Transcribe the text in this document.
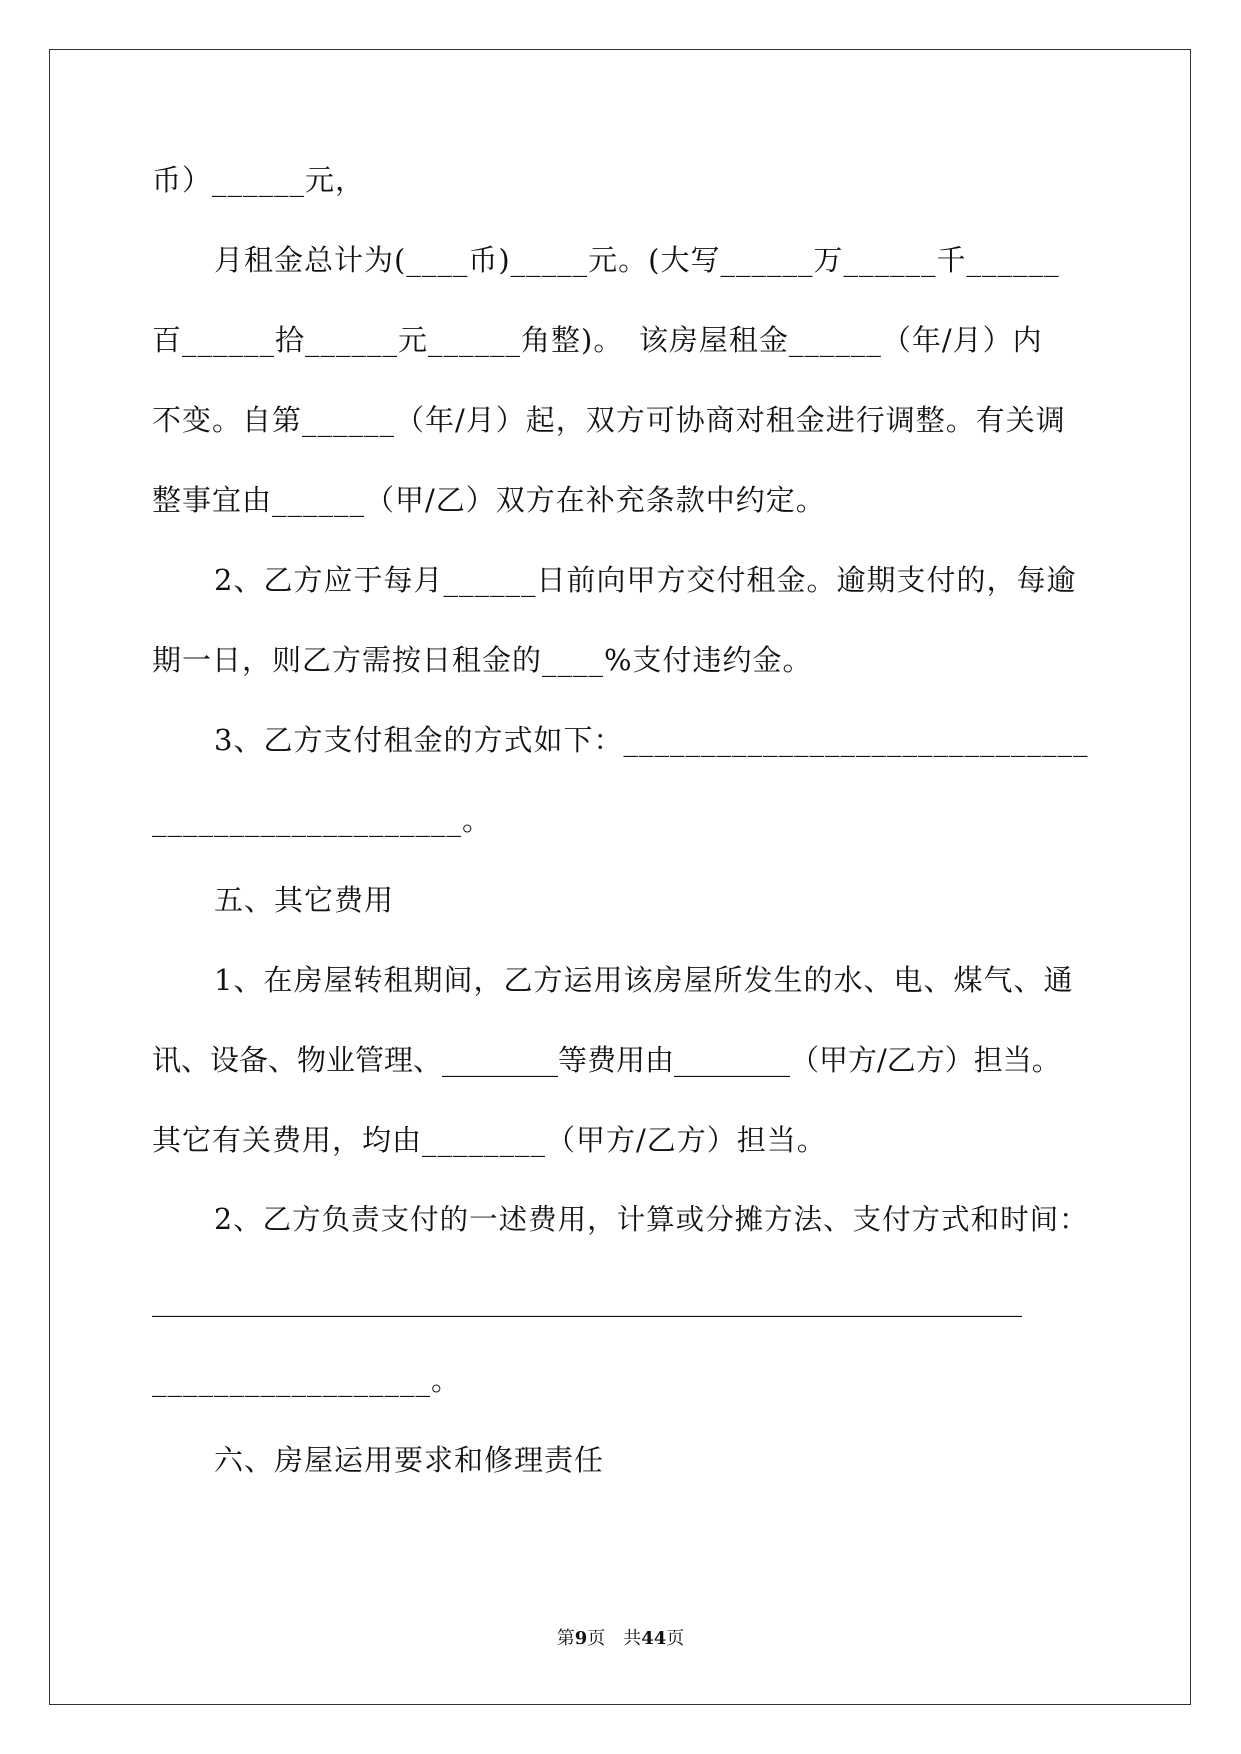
币）______元，
月租金总计为(____币)_____元。(大写______万______千______
百______拾______元______角整)。　该房屋租金______（年/月）内
不变。自第______（年/月）起，双方可协商对租金进行调整。有关调
整事宜由______（甲/乙）双方在补充条款中约定。
2、乙方应于每月______日前向甲方交付租金。逾期支付的，每逾
期一日，则乙方需按日租金的____%支付违约金。
3、乙方支付租金的方式如下：______________________________
____________________。
五、其它费用
1、在房屋转租期间，乙方运用该房屋所发生的水、电、煤气、通
讯、设备、物业管理、________等费用由________（甲方/乙方）担当。
其它有关费用，均由________（甲方/乙方）担当。
2、乙方负责支付的一述费用，计算或分摊方法、支付方式和时间：
____________________________________________________________
__________________。
六、房屋运用要求和修理责任
第9页　共44页
